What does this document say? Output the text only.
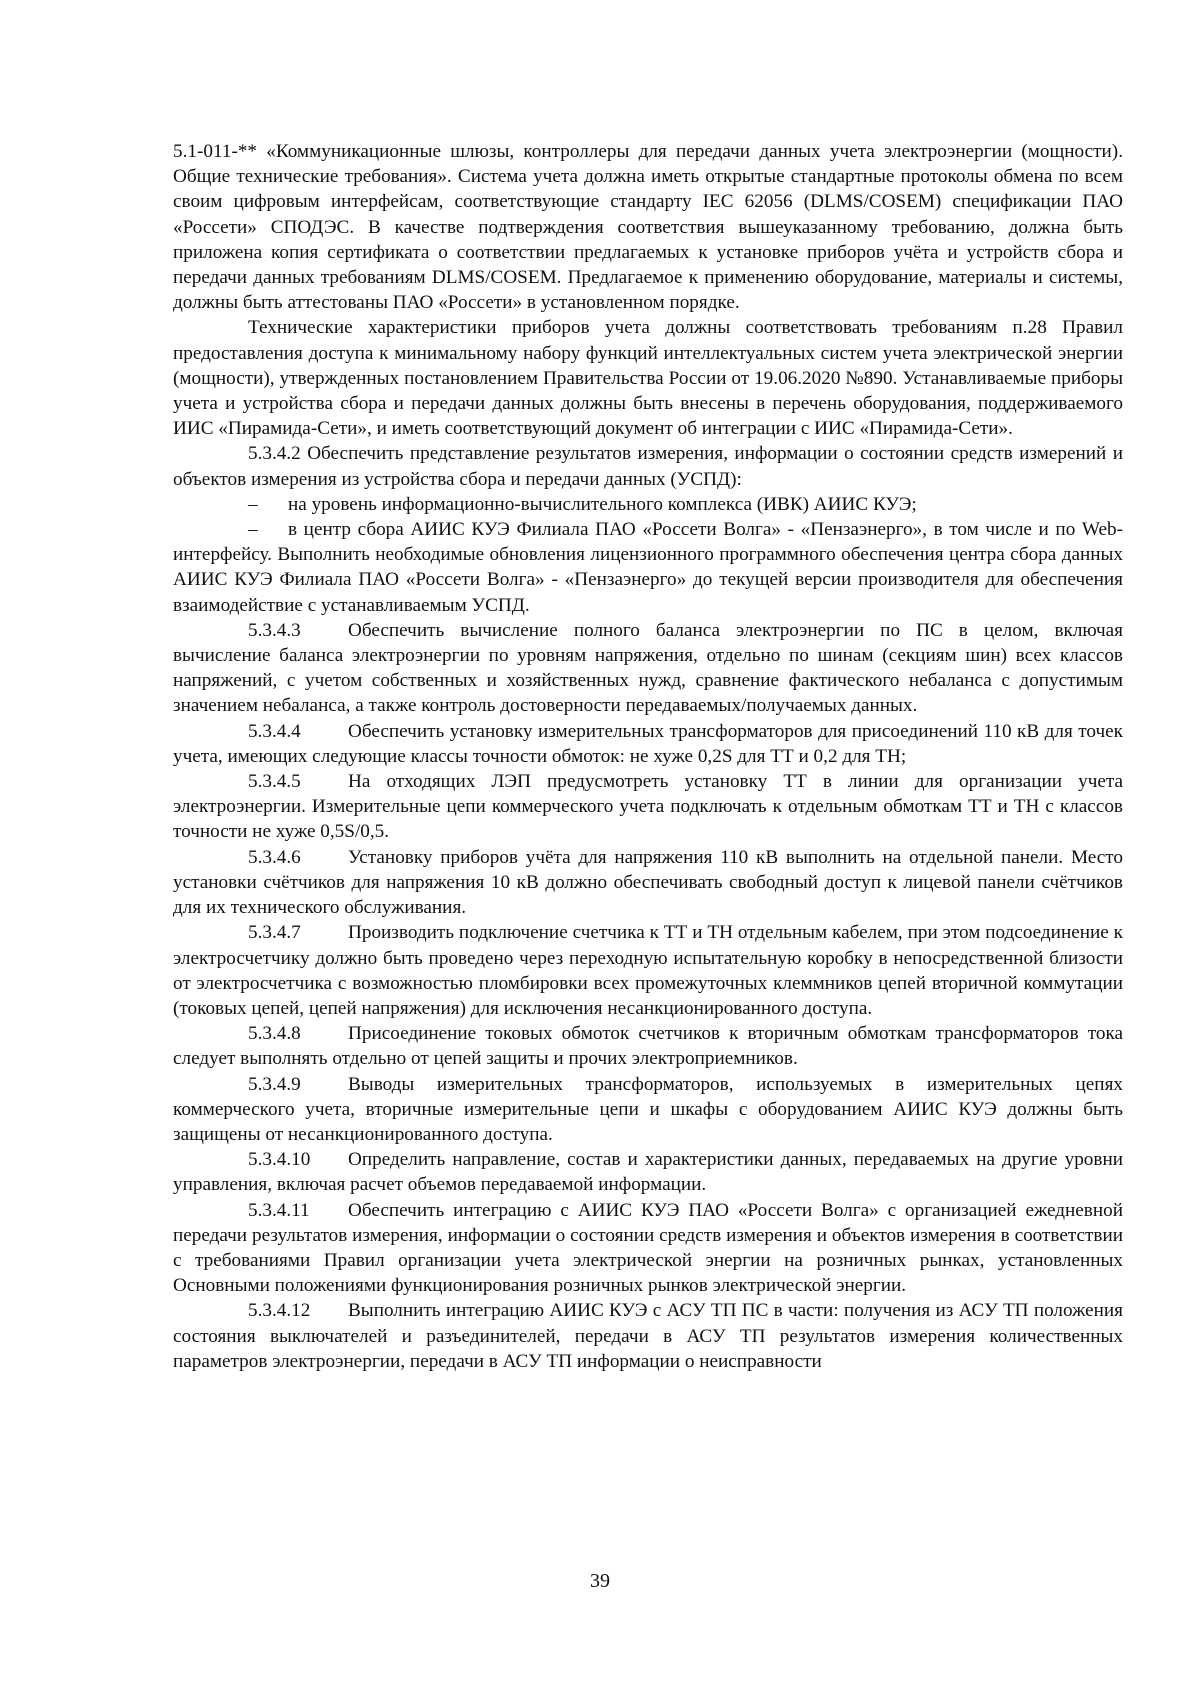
5.1-011-** «Коммуникационные шлюзы, контроллеры для передачи данных учета электроэнергии (мощности). Общие технические требования». Система учета должна иметь открытые стандартные протоколы обмена по всем своим цифровым интерфейсам, соответствующие стандарту IEC 62056 (DLMS/COSEM) спецификации ПАО «Россети» СПОДЭС. В качестве подтверждения соответствия вышеуказанному требованию, должна быть приложена копия сертификата о соответствии предлагаемых к установке приборов учёта и устройств сбора и передачи данных требованиям DLMS/COSEM. Предлагаемое к применению оборудование, материалы и системы, должны быть аттестованы ПАО «Россети» в установленном порядке.

Технические характеристики приборов учета должны соответствовать требованиям п.28 Правил предоставления доступа к минимальному набору функций интеллектуальных систем учета электрической энергии (мощности), утвержденных постановлением Правительства России от 19.06.2020 №890. Устанавливаемые приборы учета и устройства сбора и передачи данных должны быть внесены в перечень оборудования, поддерживаемого ИИС «Пирамида-Сети», и иметь соответствующий документ об интеграции с ИИС «Пирамида-Сети».

5.3.4.2 Обеспечить представление результатов измерения, информации о состоянии средств измерений и объектов измерения из устройства сбора и передачи данных (УСПД):

– на уровень информационно-вычислительного комплекса (ИВК) АИИС КУЭ;

– в центр сбора АИИС КУЭ Филиала ПАО «Россети Волга» - «Пензаэнерго», в том числе и по Web-интерфейсу. Выполнить необходимые обновления лицензионного программного обеспечения центра сбора данных АИИС КУЭ Филиала ПАО «Россети Волга» - «Пензаэнерго» до текущей версии производителя для обеспечения взаимодействие с устанавливаемым УСПД.

5.3.4.3 Обеспечить вычисление полного баланса электроэнергии по ПС в целом, включая вычисление баланса электроэнергии по уровням напряжения, отдельно по шинам (секциям шин) всех классов напряжений, с учетом собственных и хозяйственных нужд, сравнение фактического небаланса с допустимым значением небаланса, а также контроль достоверности передаваемых/получаемых данных.

5.3.4.4 Обеспечить установку измерительных трансформаторов для присоединений 110 кВ для точек учета, имеющих следующие классы точности обмоток: не хуже 0,2S для ТТ и 0,2 для ТН;

5.3.4.5 На отходящих ЛЭП предусмотреть установку ТТ в линии для организации учета электроэнергии. Измерительные цепи коммерческого учета подключать к отдельным обмоткам ТТ и ТН с классов точности не хуже 0,5S/0,5.

5.3.4.6 Установку приборов учёта для напряжения 110 кВ выполнить на отдельной панели. Место установки счётчиков для напряжения 10 кВ должно обеспечивать свободный доступ к лицевой панели счётчиков для их технического обслуживания.

5.3.4.7 Производить подключение счетчика к ТТ и ТН отдельным кабелем, при этом подсоединение к электросчетчику должно быть проведено через переходную испытательную коробку в непосредственной близости от электросчетчика с возможностью пломбировки всех промежуточных клеммников цепей вторичной коммутации (токовых цепей, цепей напряжения) для исключения несанкционированного доступа.

5.3.4.8 Присоединение токовых обмоток счетчиков к вторичным обмоткам трансформаторов тока следует выполнять отдельно от цепей защиты и прочих электроприемников.

5.3.4.9 Выводы измерительных трансформаторов, используемых в измерительных цепях коммерческого учета, вторичные измерительные цепи и шкафы с оборудованием АИИС КУЭ должны быть защищены от несанкционированного доступа.

5.3.4.10 Определить направление, состав и характеристики данных, передаваемых на другие уровни управления, включая расчет объемов передаваемой информации.

5.3.4.11 Обеспечить интеграцию с АИИС КУЭ ПАО «Россети Волга» с организацией ежедневной передачи результатов измерения, информации о состоянии средств измерения и объектов измерения в соответствии с требованиями Правил организации учета электрической энергии на розничных рынках, установленных Основными положениями функционирования розничных рынков электрической энергии.

5.3.4.12 Выполнить интеграцию АИИС КУЭ с АСУ ТП ПС в части: получения из АСУ ТП положения состояния выключателей и разъединителей, передачи в АСУ ТП результатов измерения количественных параметров электроэнергии, передачи в АСУ ТП информации о неисправности

39
